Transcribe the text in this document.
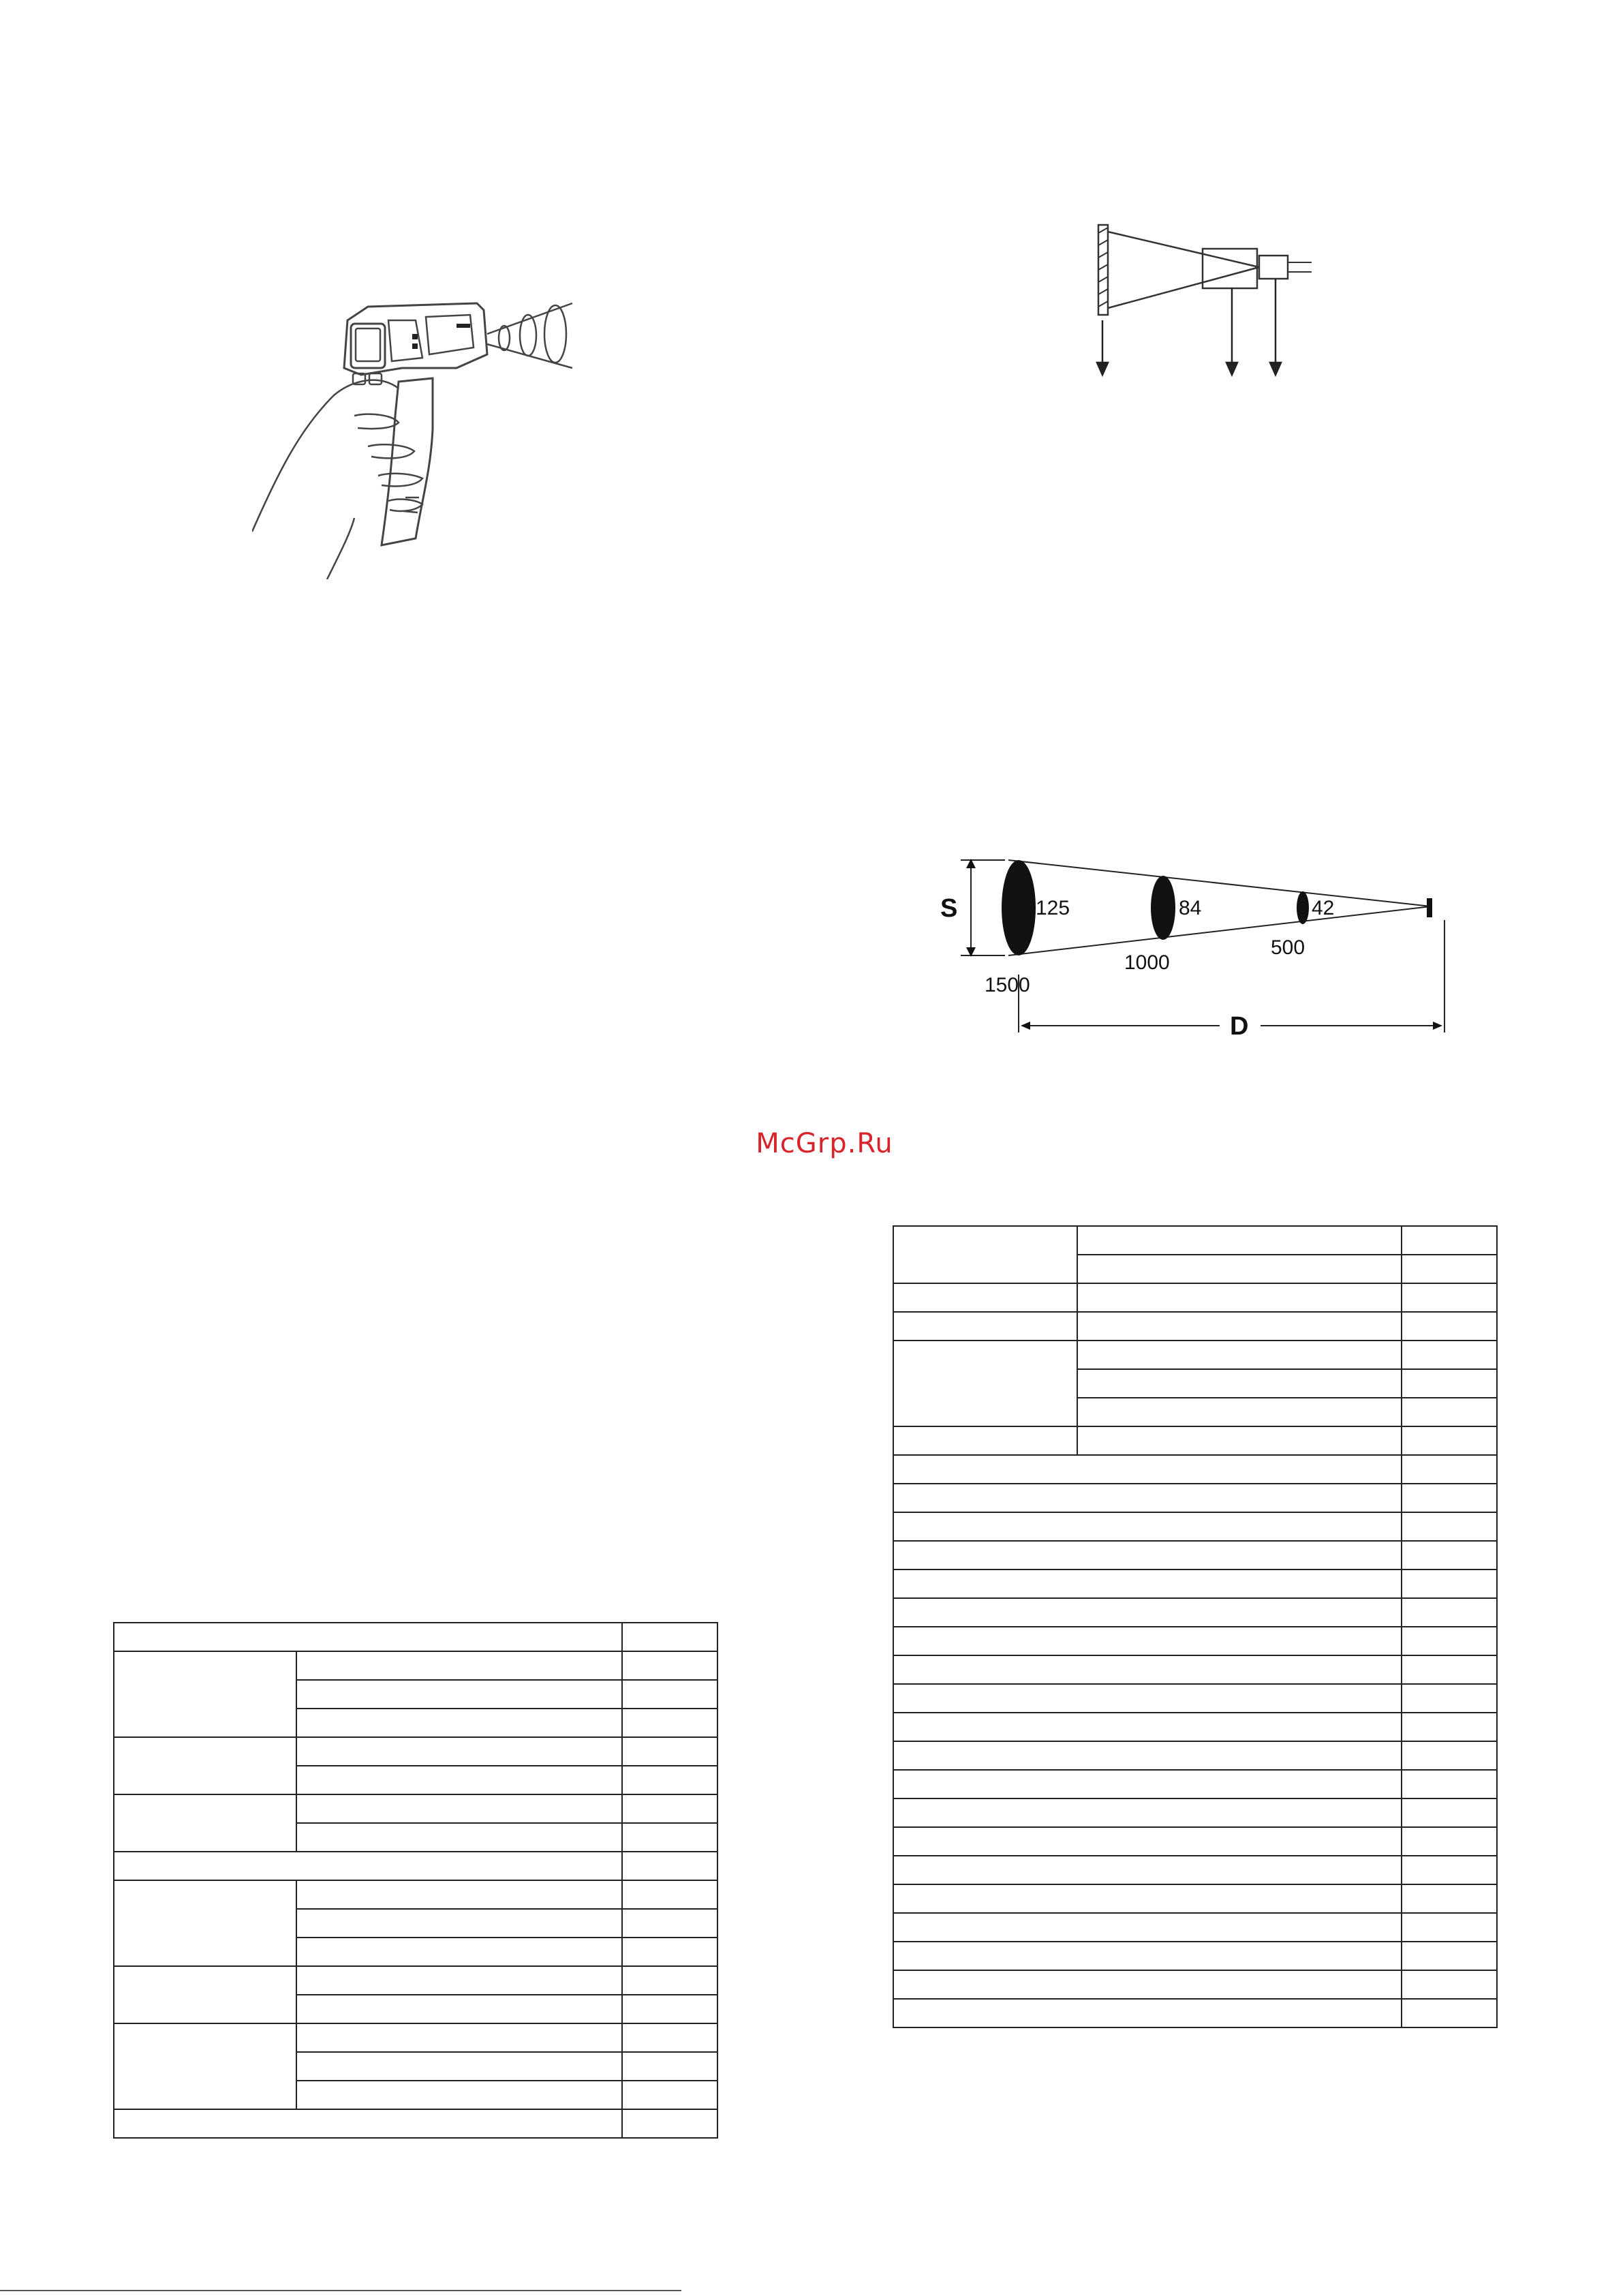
S	125	84	42
1500
1000
500
D
McGrp.Ru
